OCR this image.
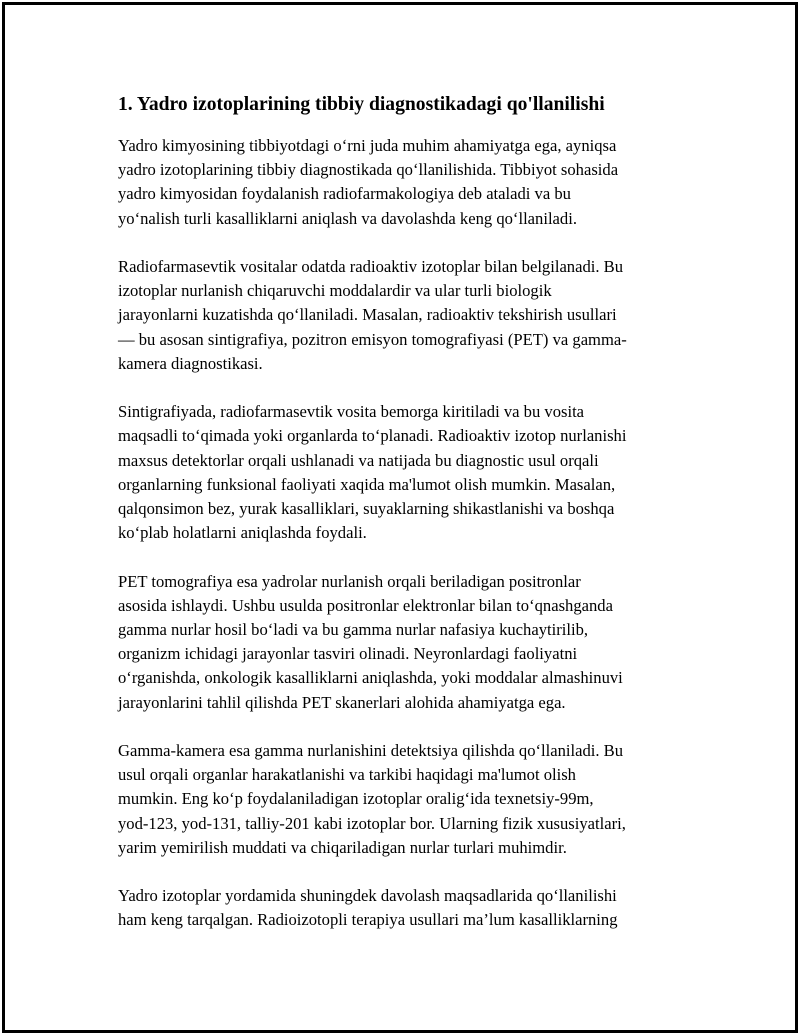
1. Yadro izotoplarining tibbiy diagnostikadagi qo'llanilishi

Yadro kimyosining tibbiyotdagi o‘rni juda muhim ahamiyatga ega, ayniqsa
yadro izotoplarining tibbiy diagnostikada qo‘llanilishida. Tibbiyot sohasida
yadro kimyosidan foydalanish radiofarmakologiya deb ataladi va bu
yo‘nalish turli kasalliklarni aniqlash va davolashda keng qo‘llaniladi.

Radiofarmasevtik vositalar odatda radioaktiv izotoplar bilan belgilanadi. Bu
izotoplar nurlanish chiqaruvchi moddalardir va ular turli biologik
jarayonlarni kuzatishda qo‘llaniladi. Masalan, radioaktiv tekshirish usullari
— bu asosan sintigrafiya, pozitron emisyon tomografiyasi (PET) va gamma-
kamera diagnostikasi.

Sintigrafiyada, radiofarmasevtik vosita bemorga kiritiladi va bu vosita
maqsadli to‘qimada yoki organlarda to‘planadi. Radioaktiv izotop nurlanishi
maxsus detektorlar orqali ushlanadi va natijada bu diagnostic usul orqali
organlarning funksional faoliyati xaqida ma'lumot olish mumkin. Masalan,
qalqonsimon bez, yurak kasalliklari, suyaklarning shikastlanishi va boshqa
ko‘plab holatlarni aniqlashda foydali.

PET tomografiya esa yadrolar nurlanish orqali beriladigan positronlar
asosida ishlaydi. Ushbu usulda positronlar elektronlar bilan to‘qnashganda
gamma nurlar hosil bo‘ladi va bu gamma nurlar nafasiya kuchaytirilib,
organizm ichidagi jarayonlar tasviri olinadi. Neyronlardagi faoliyatni
o‘rganishda, onkologik kasalliklarni aniqlashda, yoki moddalar almashinuvi
jarayonlarini tahlil qilishda PET skanerlari alohida ahamiyatga ega.

Gamma-kamera esa gamma nurlanishini detektsiya qilishda qo‘llaniladi. Bu
usul orqali organlar harakatlanishi va tarkibi haqidagi ma'lumot olish
mumkin. Eng ko‘p foydalaniladigan izotoplar oralig‘ida texnetsiy-99m,
yod-123, yod-131, talliy-201 kabi izotoplar bor. Ularning fizik xususiyatlari,
yarim yemirilish muddati va chiqariladigan nurlar turlari muhimdir.

Yadro izotoplar yordamida shuningdek davolash maqsadlarida qo‘llanilishi
ham keng tarqalgan. Radioizotopli terapiya usullari ma’lum kasalliklarning
